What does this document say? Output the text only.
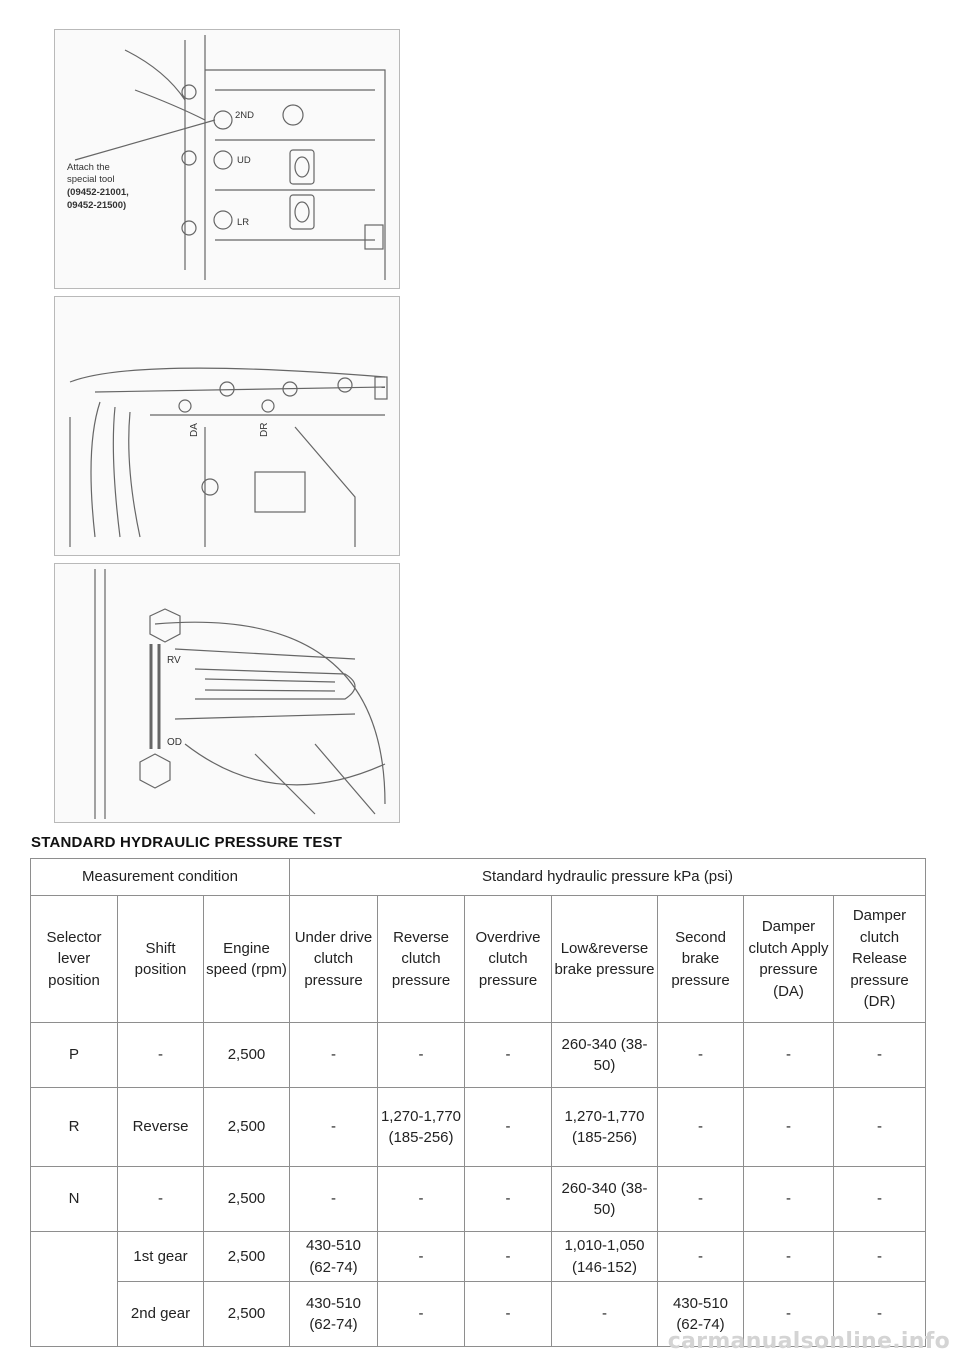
2ND
UD
LR
Attach the
special tool
(09452-21001,
09452-21500)
DA	DR
RV
OD
STANDARD HYDRAULIC PRESSURE TEST
Measurement condition			Standard hydraulic pressure kPa (psi)						
Selector lever position	Shift position	Engine speed (rpm)	Under drive clutch pressure	Reverse clutch pressure	Overdrive clutch pressure	Low&reverse brake pressure	Second brake pressure	Damper clutch Apply pressure (DA)	Damper clutch Release pressure (DR)
P	-	2,500	-	-	-	260-340 (38-50)	-	-	-
R	Reverse	2,500	-	1,270-1,770 (185-256)	-	1,270-1,770 (185-256)	-	-	-
N	-	2,500	-	-	-	260-340 (38-50)	-	-	-
	1st gear	2,500	430-510 (62-74)	-	-	1,010-1,050 (146-152)	-	-	-
	2nd gear	2,500	430-510 (62-74)	-	-	-	430-510 (62-74)	-	-
carmanualsonline.info
